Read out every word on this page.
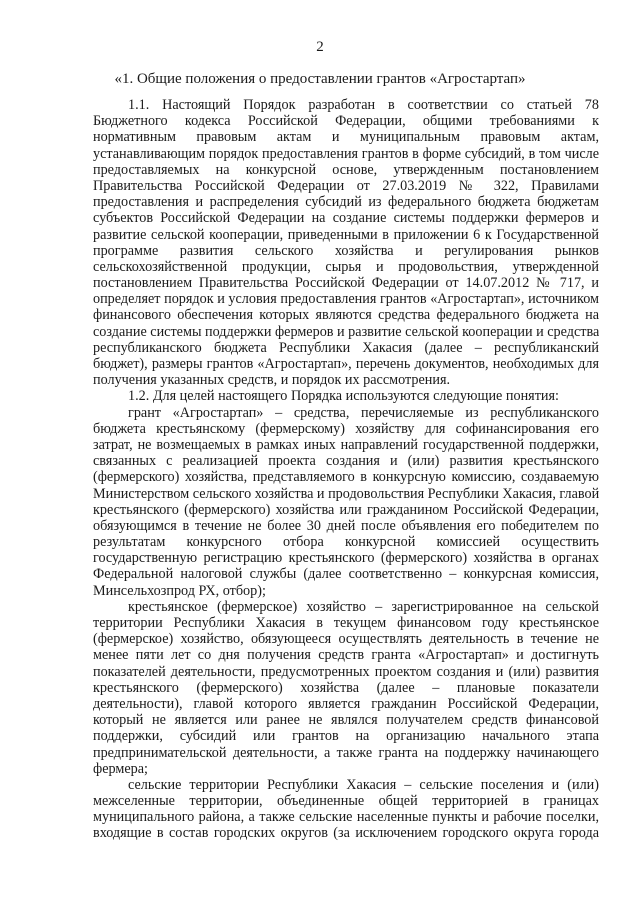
2
«1. Общие положения о предоставлении грантов «Агростартап»
1.1. Настоящий Порядок разработан в соответствии со статьей 78
Бюджетного кодекса Российской Федерации, общими требованиями к
нормативным правовым актам и муниципальным правовым актам,
устанавливающим порядок предоставления грантов в форме субсидий, в том числе
предоставляемых на конкурсной основе, утвержденным постановлением
Правительства Российской Федерации от 27.03.2019 № 322, Правилами
предоставления и распределения субсидий из федерального бюджета бюджетам
субъектов Российской Федерации на создание системы поддержки фермеров и
развитие сельской кооперации, приведенными в приложении 6 к Государственной
программе развития сельского хозяйства и регулирования рынков
сельскохозяйственной продукции, сырья и продовольствия, утвержденной
постановлением Правительства Российской Федерации от 14.07.2012 № 717, и
определяет порядок и условия предоставления грантов «Агростартап», источником
финансового обеспечения которых являются средства федерального бюджета на
создание системы поддержки фермеров и развитие сельской кооперации и средства
республиканского бюджета Республики Хакасия (далее – республиканский
бюджет), размеры грантов «Агростартап», перечень документов, необходимых для
получения указанных средств, и порядок их рассмотрения.
1.2. Для целей настоящего Порядка используются следующие понятия:
грант «Агростартап» – средства, перечисляемые из республиканского
бюджета крестьянскому (фермерскому) хозяйству для софинансирования его
затрат, не возмещаемых в рамках иных направлений государственной поддержки,
связанных с реализацией проекта создания и (или) развития крестьянского
(фермерского) хозяйства, представляемого в конкурсную комиссию, создаваемую
Министерством сельского хозяйства и продовольствия Республики Хакасия, главой
крестьянского (фермерского) хозяйства или гражданином Российской Федерации,
обязующимся в течение не более 30 дней после объявления его победителем по
результатам конкурсного отбора конкурсной комиссией осуществить
государственную регистрацию крестьянского (фермерского) хозяйства в органах
Федеральной налоговой службы (далее соответственно – конкурсная комиссия,
Минсельхозпрод РХ, отбор);
крестьянское (фермерское) хозяйство – зарегистрированное на сельской
территории Республики Хакасия в текущем финансовом году крестьянское
(фермерское) хозяйство, обязующееся осуществлять деятельность в течение не
менее пяти лет со дня получения средств гранта «Агростартап» и достигнуть
показателей деятельности, предусмотренных проектом создания и (или) развития
крестьянского (фермерского) хозяйства (далее – плановые показатели
деятельности), главой которого является гражданин Российской Федерации,
который не является или ранее не являлся получателем средств финансовой
поддержки, субсидий или грантов на организацию начального этапа
предпринимательской деятельности, а также гранта на поддержку начинающего
фермера;
сельские территории Республики Хакасия – сельские поселения и (или)
межселенные территории, объединенные общей территорией в границах
муниципального района, а также сельские населенные пункты и рабочие поселки,
входящие в состав городских округов (за исключением городского округа города
